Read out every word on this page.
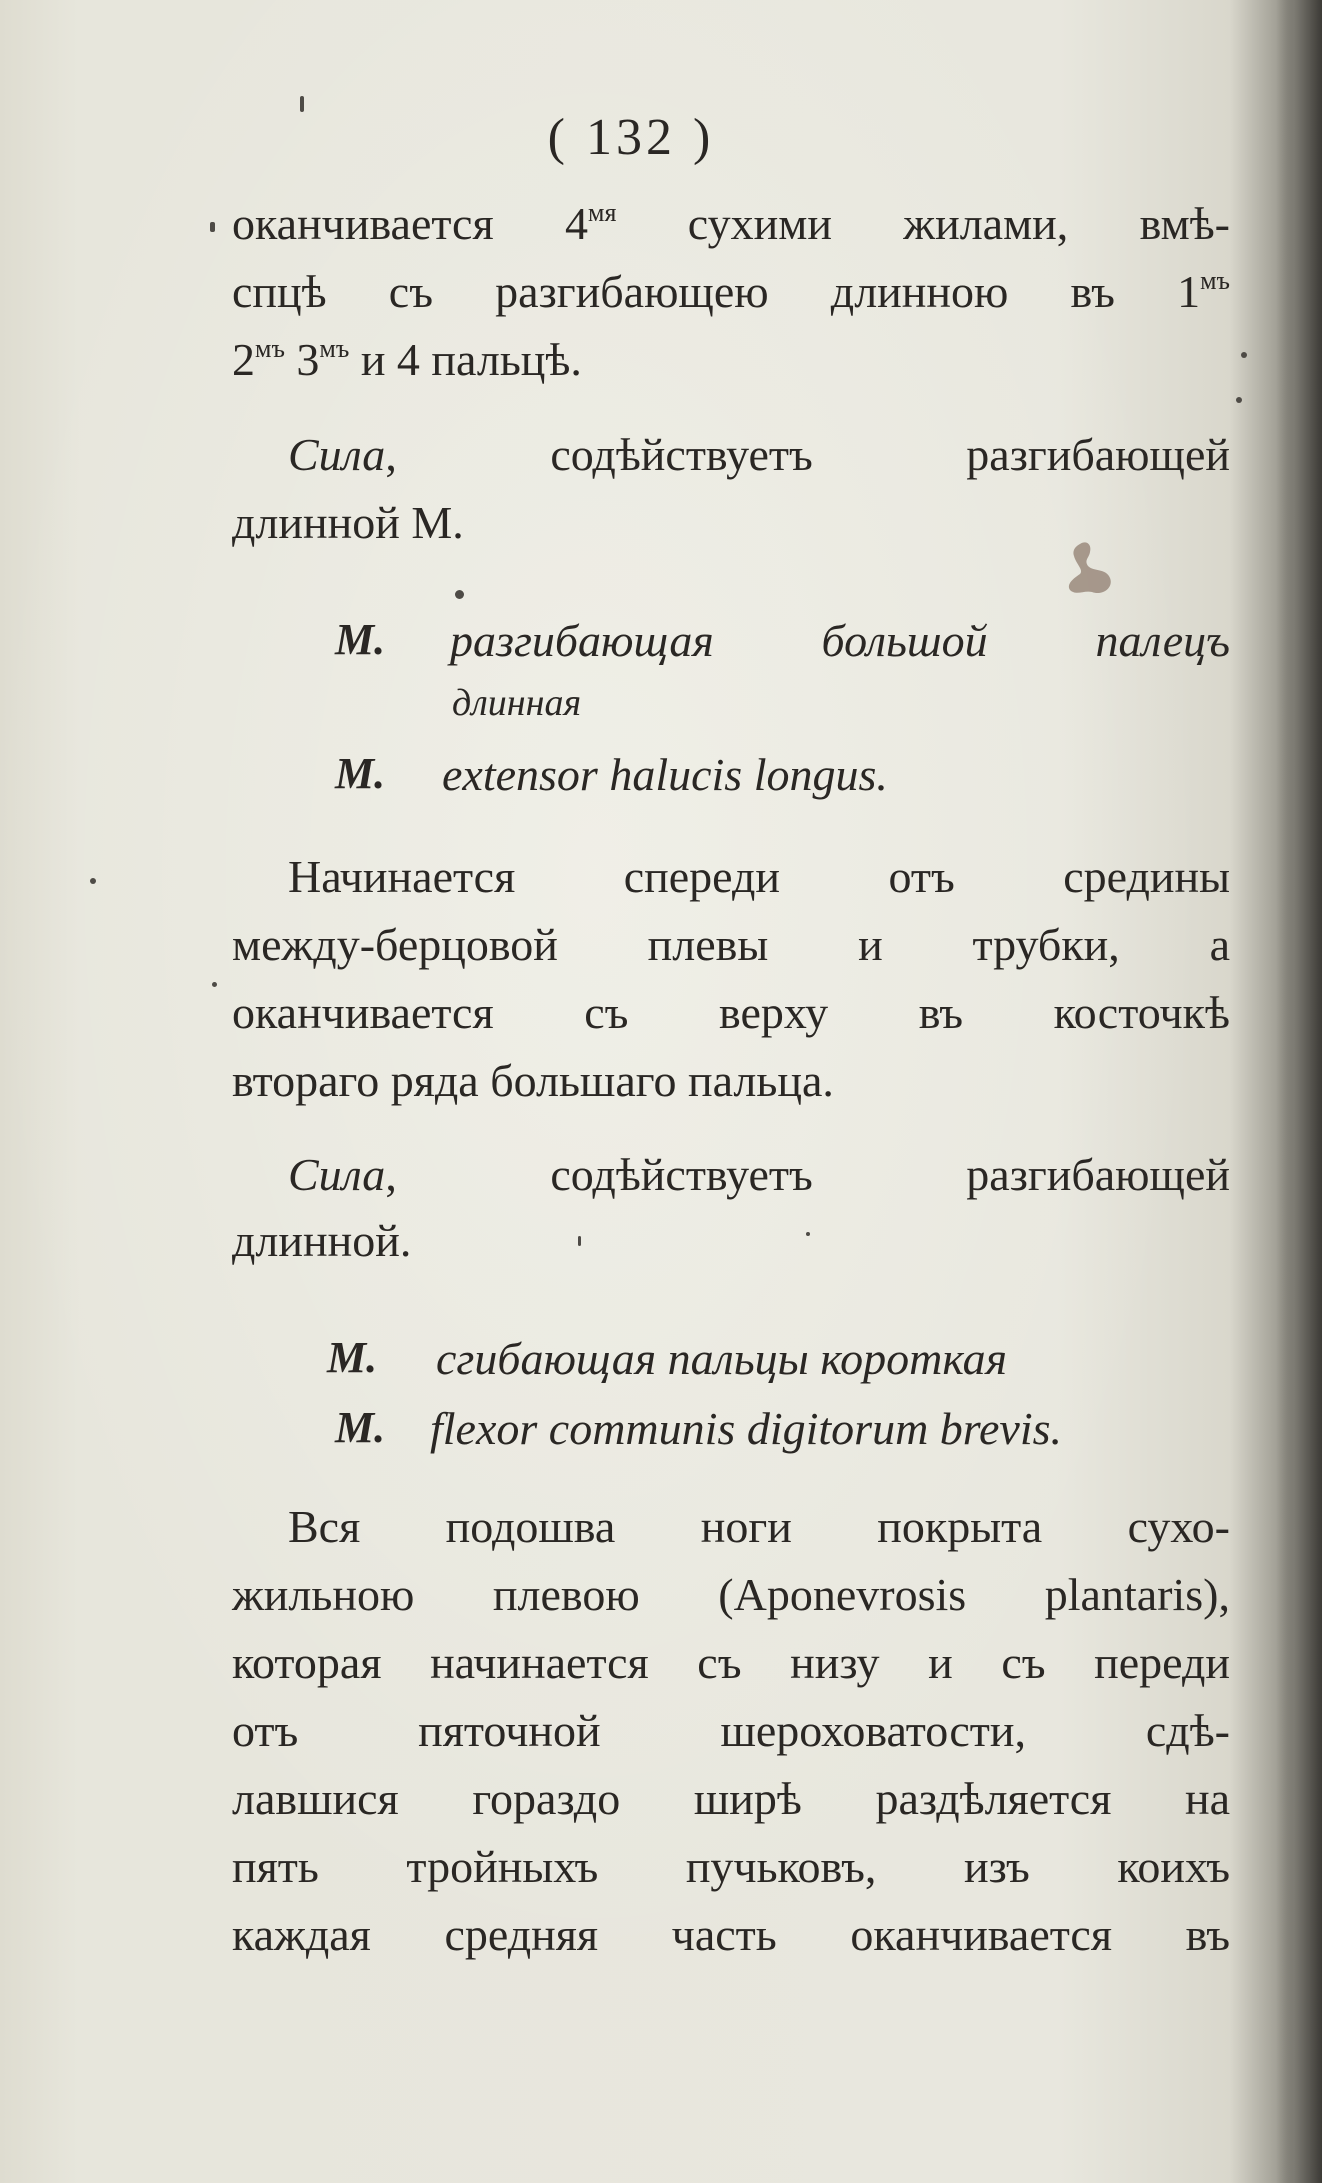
( 132 )
оканчивается $4^{мя}$ сухими жилами, вмѣ-
спцѣ съ разгибающею длинною въ $1^{мъ}$
$2^{мъ}$ $3^{мъ}$ и 4 пальцѣ.
Сила, содѣйствуетъ разгибающей
длинной М.
M. разгибающая большой палецъ
длинная
M. extensor halucis longus.
Начинается спереди отъ средины
между-берцовой плевы и трубки, а
оканчивается съ верху въ косточкѣ
втораго ряда большаго пальца.
Сила, содѣйствуетъ разгибающей
длинной.
M. сгибающая пальцы короткая
M. flexor communis digitorum brevis.
Вся подошва ноги покрыта сухо-
жильною плевою (Aponevrosis plantaris),
которая начинается съ низу и съ переди
отъ пяточной шероховатости, сдѣ-
лавшися гораздо ширѣ раздѣляется на
пять тройныхъ пучьковъ, изъ коихъ
каждая средняя часть оканчивается въ
